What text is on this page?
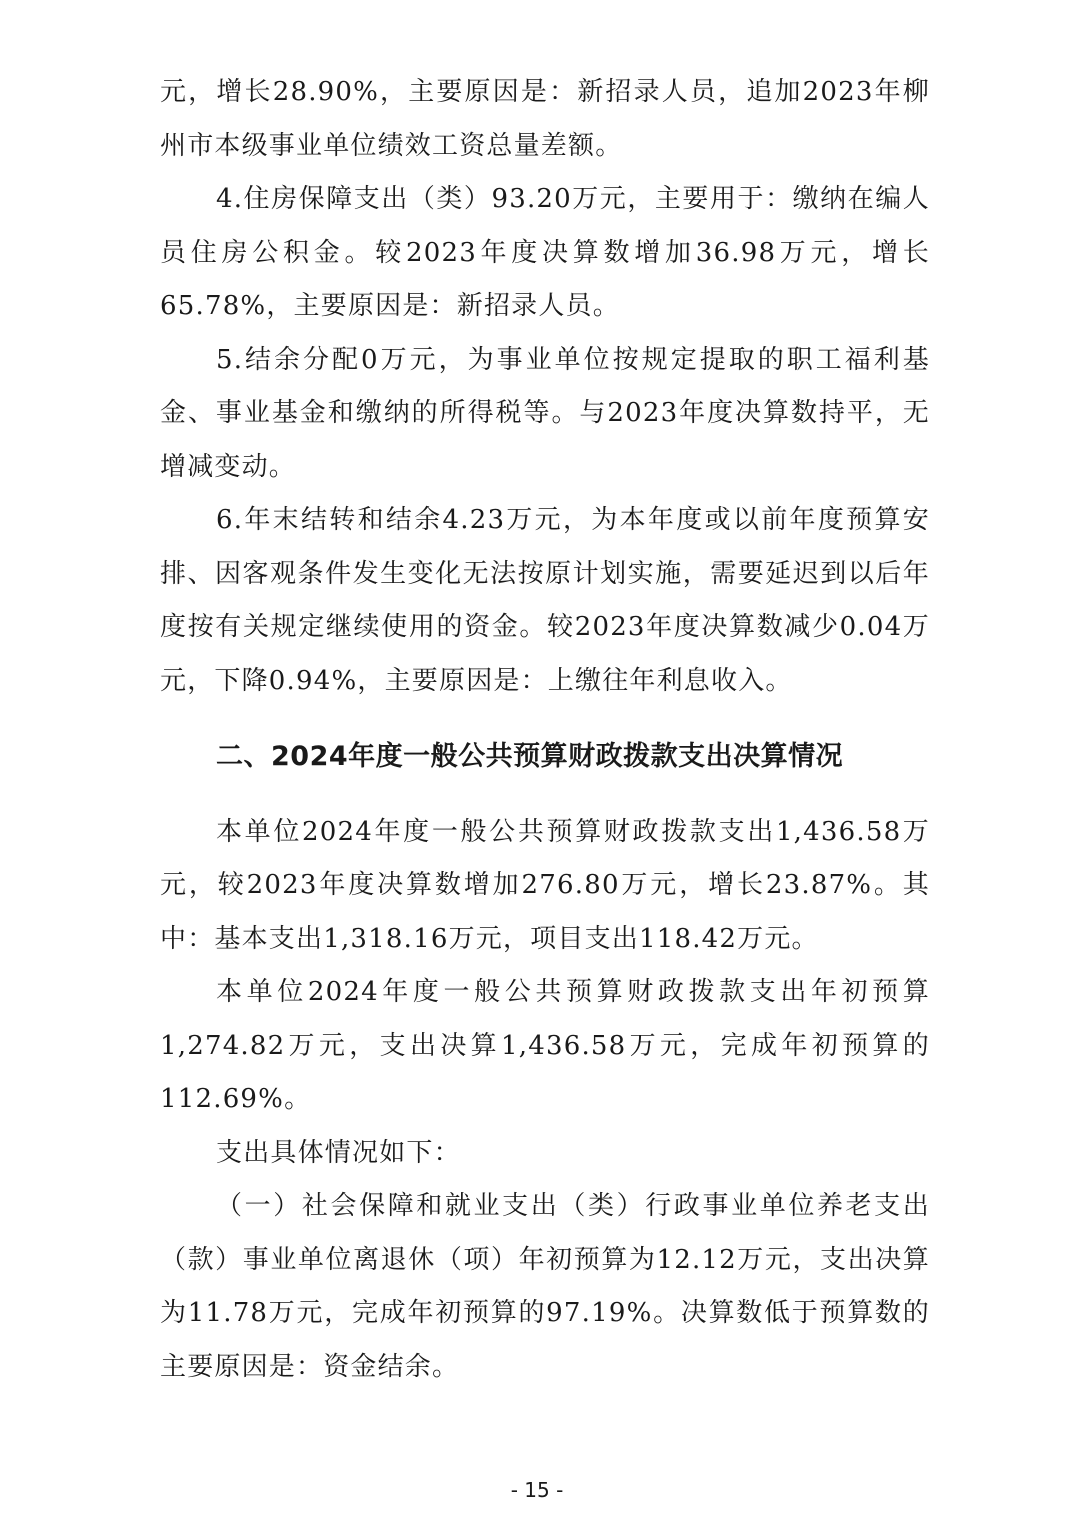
元，增长28.90%，主要原因是：新招录人员，追加2023年柳州市本级事业单位绩效工资总量差额。

4.住房保障支出（类）93.20万元，主要用于：缴纳在编人员住房公积金。较2023年度决算数增加36.98万元，增长65.78%，主要原因是：新招录人员。

5.结余分配0万元，为事业单位按规定提取的职工福利基金、事业基金和缴纳的所得税等。与2023年度决算数持平，无增减变动。

6.年末结转和结余4.23万元，为本年度或以前年度预算安排、因客观条件发生变化无法按原计划实施，需要延迟到以后年度按有关规定继续使用的资金。较2023年度决算数减少0.04万元，下降0.94%，主要原因是：上缴往年利息收入。

二、2024年度一般公共预算财政拨款支出决算情况

本单位2024年度一般公共预算财政拨款支出1,436.58万元，较2023年度决算数增加276.80万元，增长23.87%。其中：基本支出1,318.16万元，项目支出118.42万元。

本单位2024年度一般公共预算财政拨款支出年初预算1,274.82万元，支出决算1,436.58万元，完成年初预算的112.69%。

支出具体情况如下：

（一）社会保障和就业支出（类）行政事业单位养老支出（款）事业单位离退休（项）年初预算为12.12万元，支出决算为11.78万元，完成年初预算的97.19%。决算数低于预算数的主要原因是：资金结余。

- 15 -
